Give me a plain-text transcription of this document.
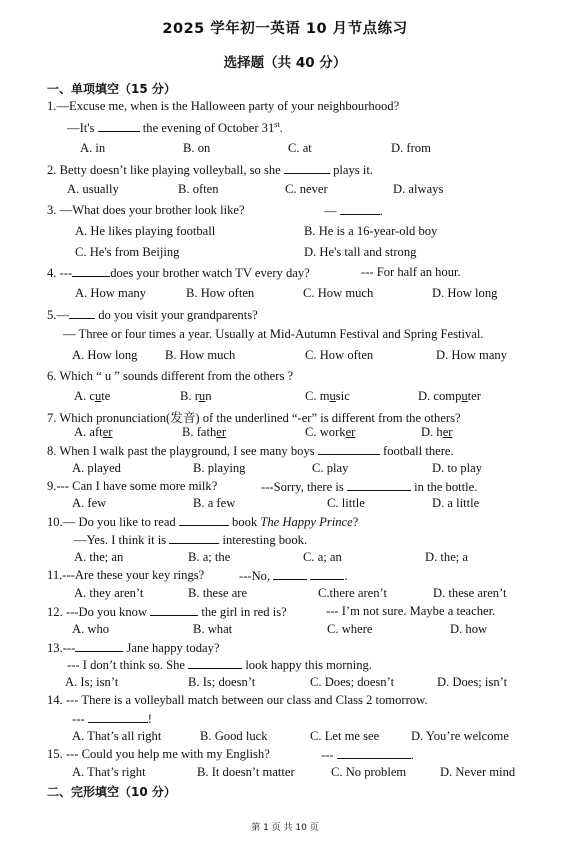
2025 学年初一英语 10 月节点练习
选择题（共 40 分）
一、单项填空（15 分）
1.—Excuse me, when is the Halloween party of your neighbourhood?
—It's	the evening of October 31st.
A. in	B. on	C. at	D. from
2. Betty doesn’t like playing volleyball, so she	plays it.
A. usually	B. often	C. never	D. always
3. —What does your brother look like?	—	.
A. He likes playing football	B. He is a 16-year-old boy
C. He's from Beijing	D. He's tall and strong
4. ---	does your brother watch TV every day?	--- For half an hour.
A. How many	B. How often	C. How much	D. How long
5.— do you visit your grandparents?
— Three or four times a year. Usually at Mid-Autumn Festival and Spring Festival.
A. How long B. How much	C. How often	D. How many
6. Which “ u ” sounds different from the others ?
A. cute	B. run	C. music	D. computer
7. Which pronunciation(发音) of the underlined “-er” is different from the others?
A. after	B. father	C. worker	D. her
8. When I walk past the playground, I see many boys	football there.
A. played	B. playing	C. play	D. to play
9.--- Can I have some more milk?	---Sorry, there is	in the bottle.
A. few	B. a few	C. little	D. a little
10.— Do you like to read	book The Happy Prince?
—Yes. I think it is	interesting book.
A. the; an	B. a; the	C. a; an	D. the; a
11.---Are these your key rings?	---No,	.
A. they aren’t	B. these are	C.there aren’t	D. these aren’t
12. ---Do you know	the girl in red is?	--- I’m not sure. Maybe a teacher.
A. who	B. what	C. where	D. how
13.---	Jane happy today?
--- I don’t think so. She	look happy this morning.
A. Is; isn’t	B. Is; doesn’t	C. Does; doesn’t	D. Does; isn’t
14. --- There is a volleyball match between our class and Class 2 tomorrow.
---	!
A. That’s all right	B. Good luck	C. Let me see	D. You’re welcome
15. --- Could you help me with my English?	---	.
A. That’s right	B. It doesn’t matter	C. No problem	D. Never mind
二、完形填空（10 分）
第 1 页 共 10 页
